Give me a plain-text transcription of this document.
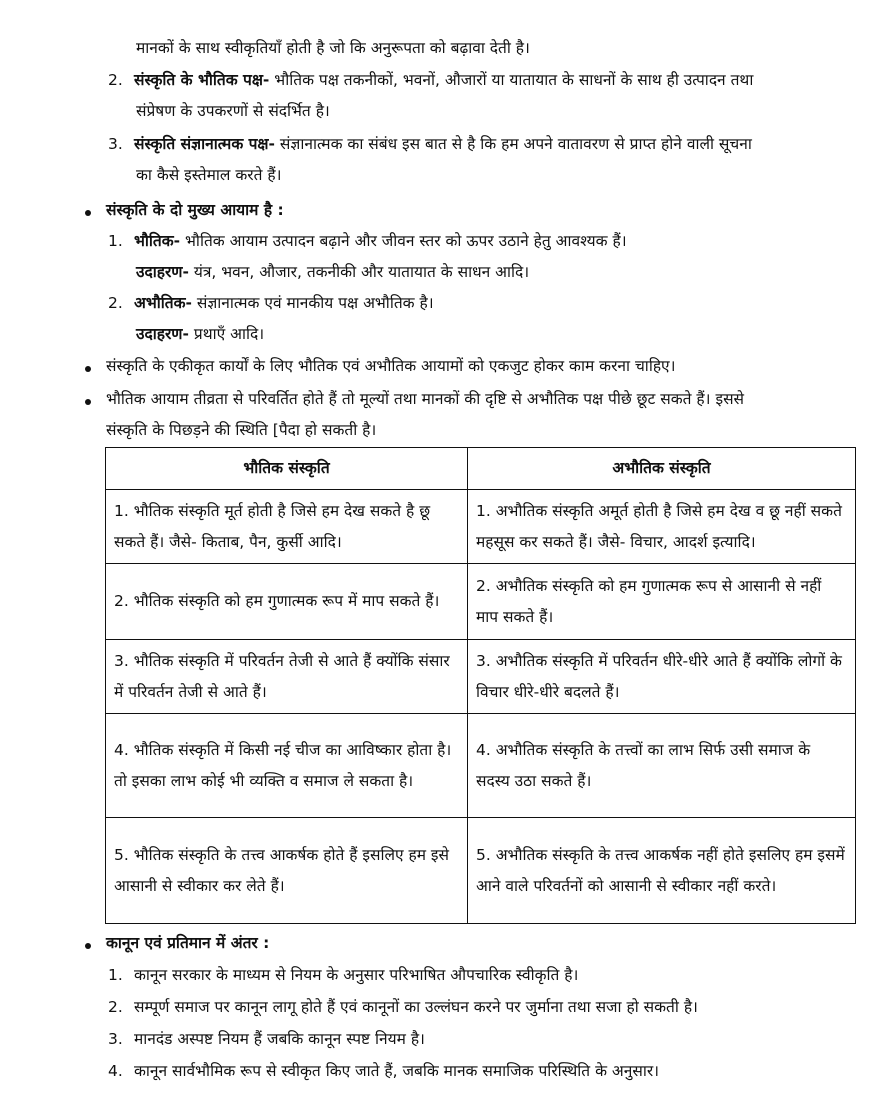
मानकों के साथ स्वीकृतियाँ होती है जो कि अनुरूपता को बढ़ावा देती है।
2. संस्कृति के भौतिक पक्ष- भौतिक पक्ष तकनीकों, भवनों, औजारों या यातायात के साधनों के साथ ही उत्पादन तथा
संप्रेषण के उपकरणों से संदर्भित है।
3. संस्कृति संज्ञानात्मक पक्ष- संज्ञानात्मक का संबंध इस बात से है कि हम अपने वातावरण से प्राप्त होने वाली सूचना
का कैसे इस्तेमाल करते हैं।
संस्कृति के दो मुख्य आयाम है :
1. भौतिक- भौतिक आयाम उत्पादन बढ़ाने और जीवन स्तर को ऊपर उठाने हेतु आवश्यक हैं।
उदाहरण- यंत्र, भवन, औजार, तकनीकी और यातायात के साधन आदि।
2. अभौतिक- संज्ञानात्मक एवं मानकीय पक्ष अभौतिक है।
उदाहरण- प्रथाएँ आदि।
संस्कृति के एकीकृत कार्यों के लिए भौतिक एवं अभौतिक आयामों को एकजुट होकर काम करना चाहिए।
भौतिक आयाम तीव्रता से परिवर्तित होते हैं तो मूल्यों तथा मानकों की दृष्टि से अभौतिक पक्ष पीछे छूट सकते हैं। इससे
संस्कृति के पिछड़ने की स्थिति [पैदा हो सकती है।
भौतिक संस्कृति	अभौतिक संस्कृति
1. भौतिक संस्कृति मूर्त होती है जिसे हम देख सकते है छू सकते हैं। जैसे- किताब, पैन, कुर्सी आदि।	1. अभौतिक संस्कृति अमूर्त होती है जिसे हम देख व छू नहीं सकते महसूस कर सकते हैं। जैसे- विचार, आदर्श इत्यादि।
2. भौतिक संस्कृति को हम गुणात्मक रूप में माप सकते हैं।	2. अभौतिक संस्कृति को हम गुणात्मक रूप से आसानी से नहीं माप सकते हैं।
3. भौतिक संस्कृति में परिवर्तन तेजी से आते हैं क्योंकि संसार में परिवर्तन तेजी से आते हैं।	3. अभौतिक संस्कृति में परिवर्तन धीरे-धीरे आते हैं क्योंकि लोगों के विचार धीरे-धीरे बदलते हैं।
4. भौतिक संस्कृति में किसी नई चीज का आविष्कार होता है। तो इसका लाभ कोई भी व्यक्ति व समाज ले सकता है।	4. अभौतिक संस्कृति के तत्त्वों का लाभ सिर्फ उसी समाज के सदस्य उठा सकते हैं।
5. भौतिक संस्कृति के तत्त्व आकर्षक होते हैं इसलिए हम इसे आसानी से स्वीकार कर लेते हैं।	5. अभौतिक संस्कृति के तत्त्व आकर्षक नहीं होते इसलिए हम इसमें आने वाले परिवर्तनों को आसानी से स्वीकार नहीं करते।
कानून एवं प्रतिमान में अंतर :
1. कानून सरकार के माध्यम से नियम के अनुसार परिभाषित औपचारिक स्वीकृति है।
2. सम्पूर्ण समाज पर कानून लागू होते हैं एवं कानूनों का उल्लंघन करने पर जुर्माना तथा सजा हो सकती है।
3. मानदंड अस्पष्ट नियम हैं जबकि कानून स्पष्ट नियम है।
4. कानून सार्वभौमिक रूप से स्वीकृत किए जाते हैं, जबकि मानक समाजिक परिस्थिति के अनुसार।
